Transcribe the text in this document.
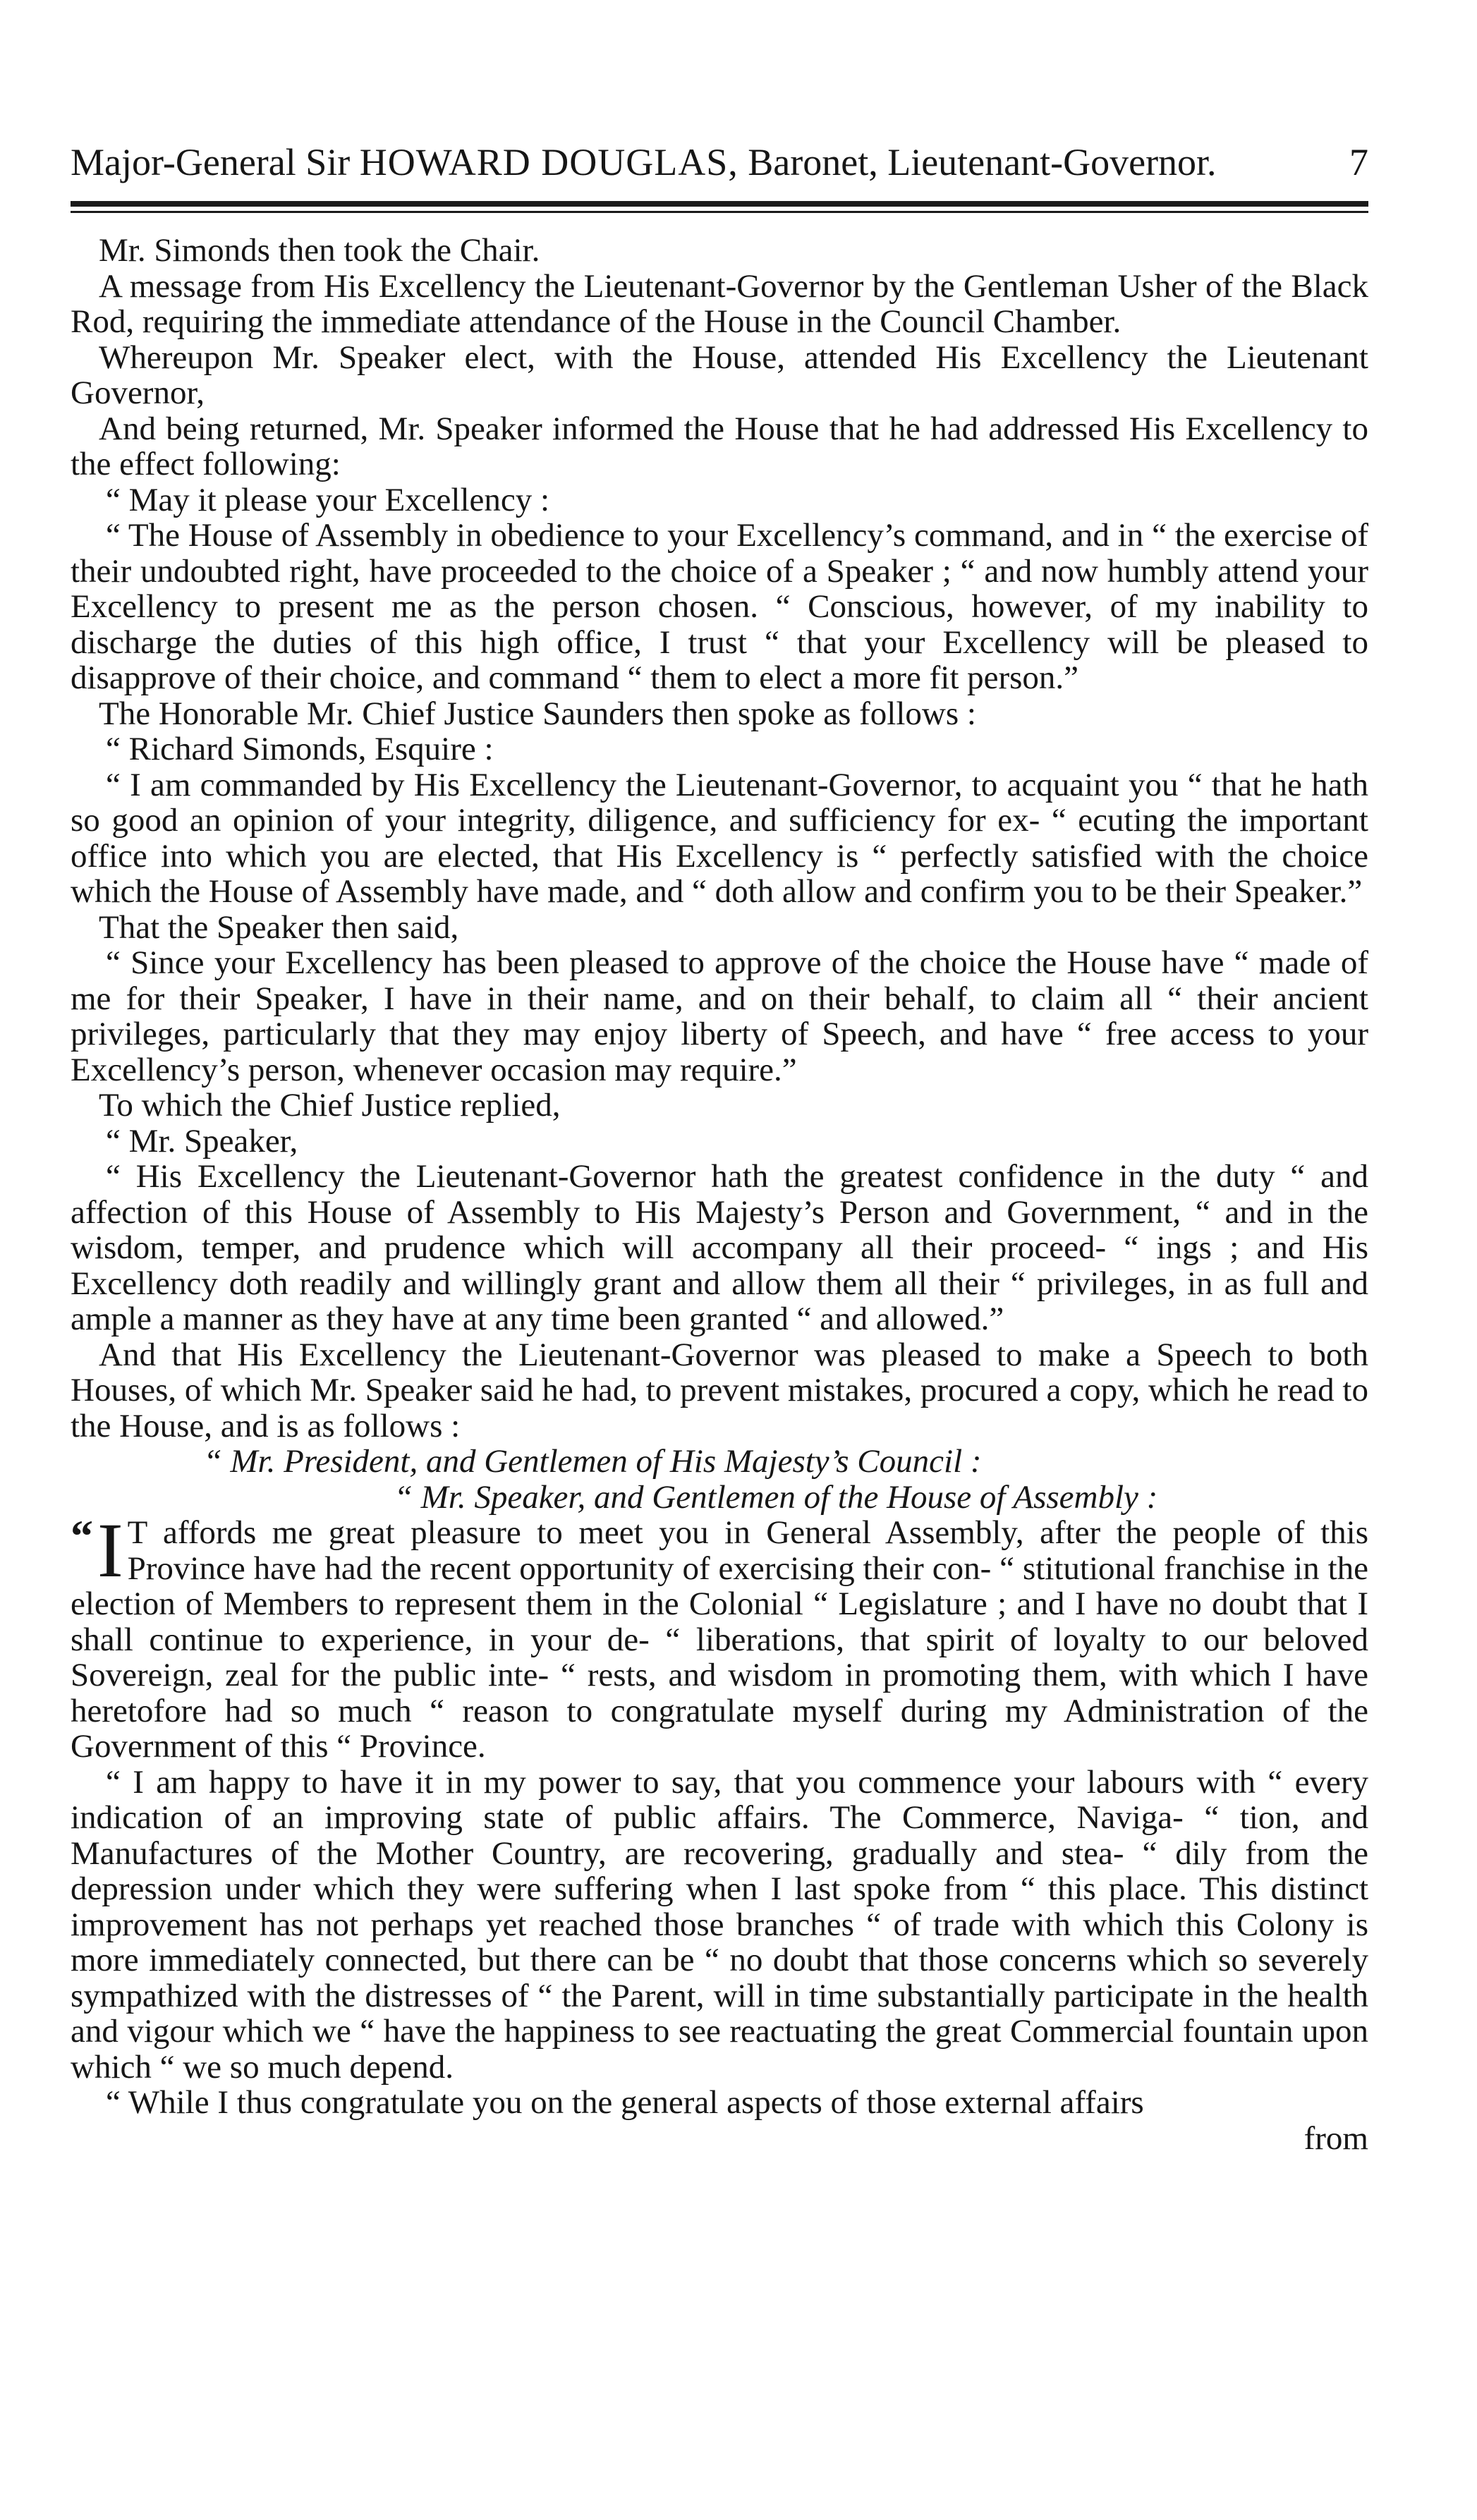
Major-General Sir HOWARD DOUGLAS, Baronet, Lieutenant-Governor.	7

Mr. Simonds then took the Chair.

A message from His Excellency the Lieutenant-Governor by the Gentleman Usher of the Black Rod, requiring the immediate attendance of the House in the Council Chamber.

Whereupon Mr. Speaker elect, with the House, attended His Excellency the Lieutenant Governor,

And being returned, Mr. Speaker informed the House that he had addressed His Excellency to the effect following:

“ May it please your Excellency :

“ The House of Assembly in obedience to your Excellency’s command, and in “ the exercise of their undoubted right, have proceeded to the choice of a Speaker ; “ and now humbly attend your Excellency to present me as the person chosen. “ Conscious, however, of my inability to discharge the duties of this high office, I trust “ that your Excellency will be pleased to disapprove of their choice, and command “ them to elect a more fit person.”

The Honorable Mr. Chief Justice Saunders then spoke as follows :

“ Richard Simonds, Esquire :

“ I am commanded by His Excellency the Lieutenant-Governor, to acquaint you “ that he hath so good an opinion of your integrity, diligence, and sufficiency for ex- “ ecuting the important office into which you are elected, that His Excellency is “ perfectly satisfied with the choice which the House of Assembly have made, and “ doth allow and confirm you to be their Speaker.”

That the Speaker then said,

“ Since your Excellency has been pleased to approve of the choice the House have “ made of me for their Speaker, I have in their name, and on their behalf, to claim all “ their ancient privileges, particularly that they may enjoy liberty of Speech, and have “ free access to your Excellency’s person, whenever occasion may require.”

To which the Chief Justice replied,

“ Mr. Speaker,

“ His Excellency the Lieutenant-Governor hath the greatest confidence in the duty “ and affection of this House of Assembly to His Majesty’s Person and Government, “ and in the wisdom, temper, and prudence which will accompany all their proceed- “ ings ; and His Excellency doth readily and willingly grant and allow them all their “ privileges, in as full and ample a manner as they have at any time been granted “ and allowed.”

And that His Excellency the Lieutenant-Governor was pleased to make a Speech to both Houses, of which Mr. Speaker said he had, to prevent mistakes, procured a copy, which he read to the House, and is as follows :

“ Mr. President, and Gentlemen of His Majesty’s Council :

“ Mr. Speaker, and Gentlemen of the House of Assembly :

“ I T affords me great pleasure to meet you in General Assembly, after the people of this Province have had the recent opportunity of exercising their con- “ stitutional franchise in the election of Members to represent them in the Colonial “ Legislature ; and I have no doubt that I shall continue to experience, in your de- “ liberations, that spirit of loyalty to our beloved Sovereign, zeal for the public inte- “ rests, and wisdom in promoting them, with which I have heretofore had so much “ reason to congratulate myself during my Administration of the Government of this “ Province.

“ I am happy to have it in my power to say, that you commence your labours with “ every indication of an improving state of public affairs. The Commerce, Naviga- “ tion, and Manufactures of the Mother Country, are recovering, gradually and stea- “ dily from the depression under which they were suffering when I last spoke from “ this place. This distinct improvement has not perhaps yet reached those branches “ of trade with which this Colony is more immediately connected, but there can be “ no doubt that those concerns which so severely sympathized with the distresses of “ the Parent, will in time substantially participate in the health and vigour which we “ have the happiness to see reactuating the great Commercial fountain upon which “ we so much depend.

“ While I thus congratulate you on the general aspects of those external affairs

from
